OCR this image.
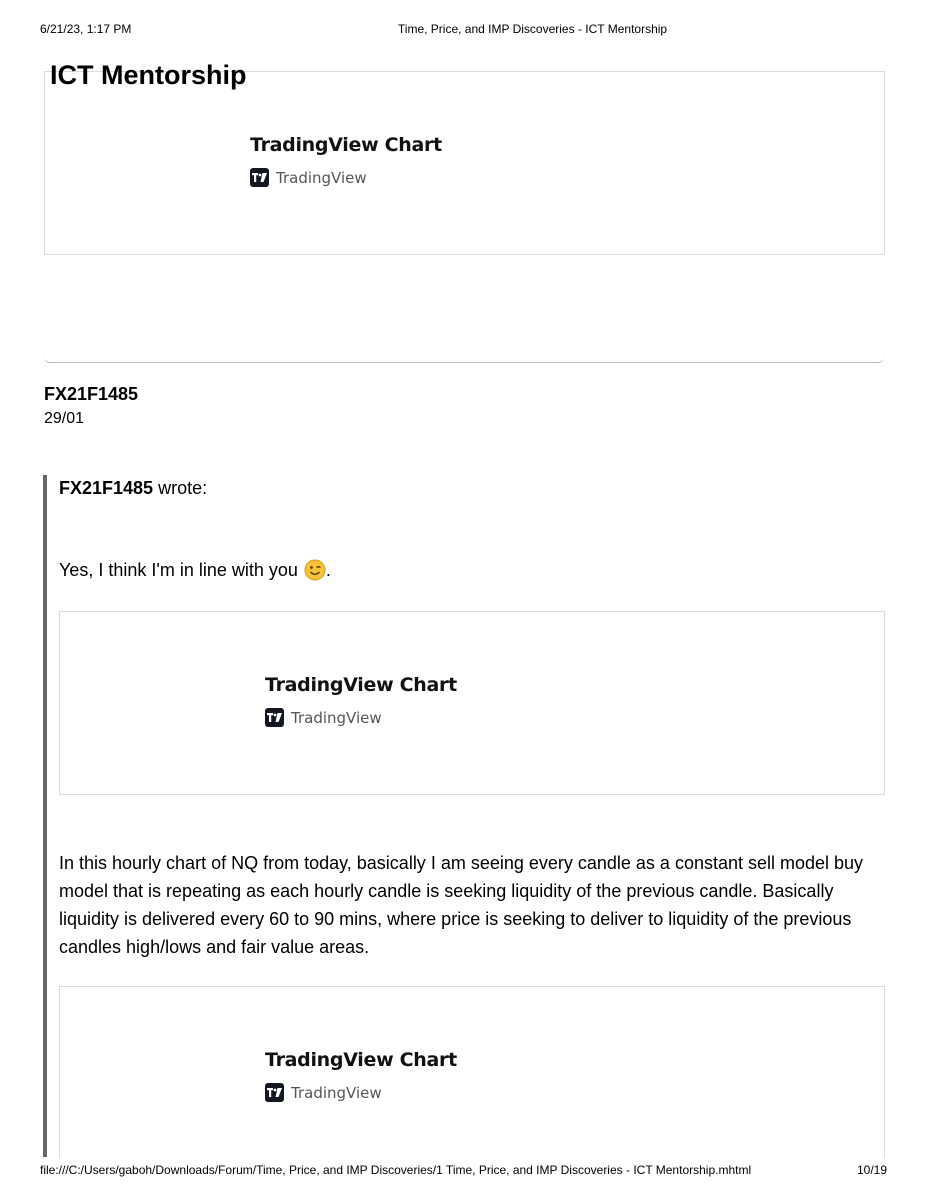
6/21/23, 1:17 PM	Time, Price, and IMP Discoveries - ICT Mentorship
TradingView Chart
TradingView
ICT Mentorship
FX21F1485
29/01
FX21F1485 wrote:
Yes, I think I'm in line with you .
TradingView Chart
TradingView
In this hourly chart of NQ from today, basically I am seeing every candle as a constant sell model buy model that is repeating as each hourly candle is seeking liquidity of the previous candle. Basically liquidity is delivered every 60 to 90 mins, where price is seeking to deliver to liquidity of the previous candles high/lows and fair value areas.
TradingView Chart
TradingView
file:///C:/Users/gaboh/Downloads/Forum/Time, Price, and IMP Discoveries/1 Time, Price, and IMP Discoveries - ICT Mentorship.mhtml	10/19
